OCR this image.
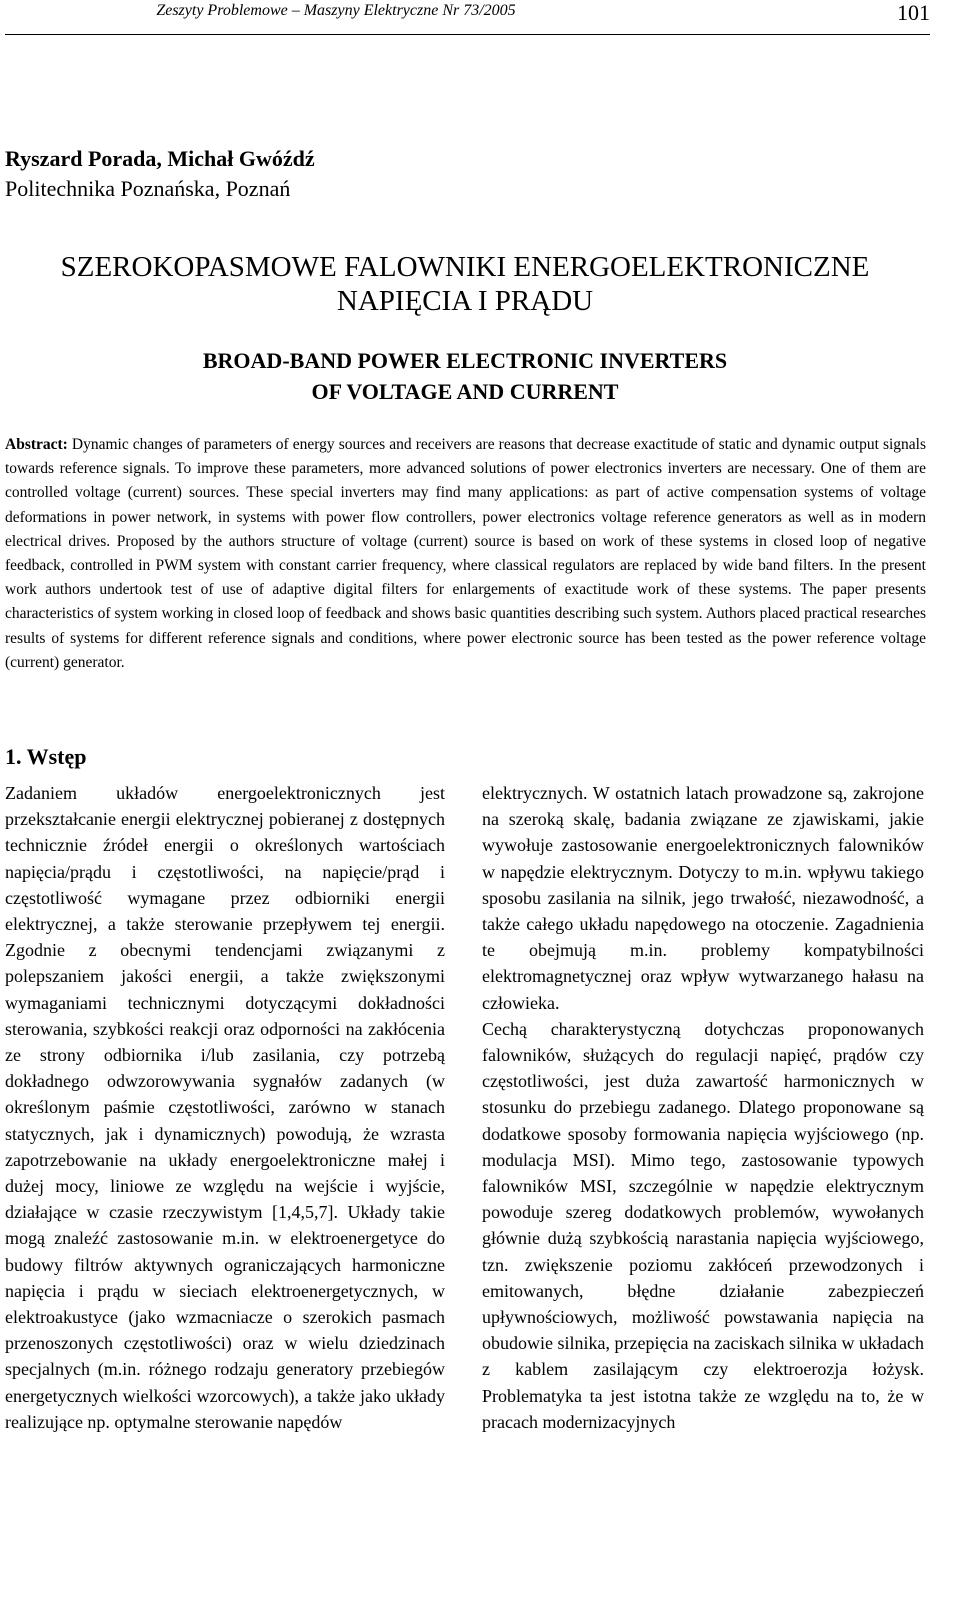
Zeszyty Problemowe – Maszyny Elektryczne Nr 73/2005	101
Ryszard Porada, Michał Gwóźdź
Politechnika Poznańska, Poznań
SZEROKOPASMOWE FALOWNIKI ENERGOELEKTRONICZNE
NAPIĘCIA I PRĄDU
BROAD-BAND POWER ELECTRONIC INVERTERS
OF VOLTAGE AND CURRENT
Abstract: Dynamic changes of parameters of energy sources and receivers are reasons that decrease exactitude of static and dynamic output signals towards reference signals. To improve these parameters, more advanced solutions of power electronics inverters are necessary. One of them are controlled voltage (current) sources. These special inverters may find many applications: as part of active compensation systems of voltage deformations in power network, in systems with power flow controllers, power electronics voltage reference generators as well as in modern electrical drives. Proposed by the authors structure of voltage (current) source is based on work of these systems in closed loop of negative feedback, controlled in PWM system with constant carrier frequency, where classical regulators are replaced by wide band filters. In the present work authors undertook test of use of adaptive digital filters for enlargements of exactitude work of these systems. The paper presents characteristics of system working in closed loop of feedback and shows basic quantities describing such system. Authors placed practical researches results of systems for different reference signals and conditions, where power electronic source has been tested as the power reference voltage (current) generator.
1. Wstęp

Zadaniem układów energoelektronicznych jest przekształcanie energii elektrycznej pobieranej z dostępnych technicznie źródeł energii o określonych wartościach napięcia/prądu i częstotliwości, na napięcie/prąd i częstotliwość wymagane przez odbiorniki energii elektrycznej, a także sterowanie przepływem tej energii. Zgodnie z obecnymi tendencjami związanymi z polepszaniem jakości energii, a także zwiększonymi wymaganiami technicznymi dotyczącymi dokładności sterowania, szybkości reakcji oraz odporności na zakłócenia ze strony odbiornika i/lub zasilania, czy potrzebą dokładnego odwzorowywania sygnałów zadanych (w określonym paśmie częstotliwości, zarówno w stanach statycznych, jak i dynamicznych) powodują, że wzrasta zapotrzebowanie na układy energoelektroniczne małej i dużej mocy, liniowe ze względu na wejście i wyjście, działające w czasie rzeczywistym [1,4,5,7]. Układy takie mogą znaleźć zastosowanie m.in. w elektroenergetyce do budowy filtrów aktywnych ograniczających harmoniczne napięcia i prądu w sieciach elektroenergetycznych, w elektroakustyce (jako wzmacniacze o szerokich pasmach przenoszonych częstotliwości) oraz w wielu dziedzinach specjalnych (m.in. różnego rodzaju generatory przebiegów energetycznych wielkości wzorcowych), a także jako układy realizujące np. optymalne sterowanie napędów

elektrycznych. W ostatnich latach prowadzone są, zakrojone na szeroką skalę, badania związane ze zjawiskami, jakie wywołuje zastosowanie energoelektronicznych falowników w napędzie elektrycznym. Dotyczy to m.in. wpływu takiego sposobu zasilania na silnik, jego trwałość, niezawodność, a także całego układu napędowego na otoczenie. Zagadnienia te obejmują m.in. problemy kompatybilności elektromagnetycznej oraz wpływ wytwarzanego hałasu na człowieka.

Cechą charakterystyczną dotychczas proponowanych falowników, służących do regulacji napięć, prądów czy częstotliwości, jest duża zawartość harmonicznych w stosunku do przebiegu zadanego. Dlatego proponowane są dodatkowe sposoby formowania napięcia wyjściowego (np. modulacja MSI). Mimo tego, zastosowanie typowych falowników MSI, szczególnie w napędzie elektrycznym powoduje szereg dodatkowych problemów, wywołanych głównie dużą szybkością narastania napięcia wyjściowego, tzn. zwiększenie poziomu zakłóceń przewodzonych i emitowanych, błędne działanie zabezpieczeń upływnościowych, możliwość powstawania napięcia na obudowie silnika, przepięcia na zaciskach silnika w układach z kablem zasilającym czy elektroerozja łożysk. Problematyka ta jest istotna także ze względu na to, że w pracach modernizacyjnych
